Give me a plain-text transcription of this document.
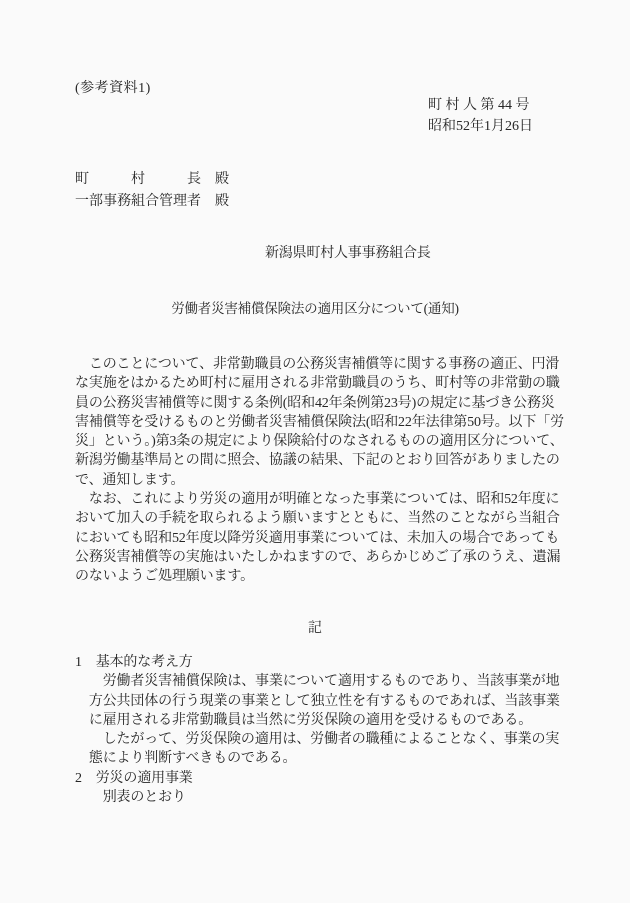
(参考資料1)
町 村 人 第 44 号
昭和52年1月26日
町　　　村　　　長　殿
一部事務組合管理者　殿
新潟県町村人事事務組合長
労働者災害補償保険法の適用区分について(通知)
　このことについて、非常勤職員の公務災害補償等に関する事務の適正、円滑
な実施をはかるため町村に雇用される非常勤職員のうち、町村等の非常勤の職
員の公務災害補償等に関する条例(昭和42年条例第23号)の規定に基づき公務災
害補償等を受けるものと労働者災害補償保険法(昭和22年法律第50号。以下「労
災」という。)第3条の規定により保険給付のなされるものの適用区分について、
新潟労働基準局との間に照会、協議の結果、下記のとおり回答がありましたの
で、通知します。
　なお、これにより労災の適用が明確となった事業については、昭和52年度に
おいて加入の手続を取られるよう願いますとともに、当然のことながら当組合
においても昭和52年度以降労災適用事業については、未加入の場合であっても
公務災害補償等の実施はいたしかねますので、あらかじめご了承のうえ、遺漏
のないようご処理願います。
記
1　基本的な考え方
　　労働者災害補償保険は、事業について適用するものであり、当該事業が地
　方公共団体の行う現業の事業として独立性を有するものであれば、当該事業
　に雇用される非常勤職員は当然に労災保険の適用を受けるものである。
　　したがって、労災保険の適用は、労働者の職種によることなく、事業の実
　態により判断すべきものである。
2　労災の適用事業
　　別表のとおり
